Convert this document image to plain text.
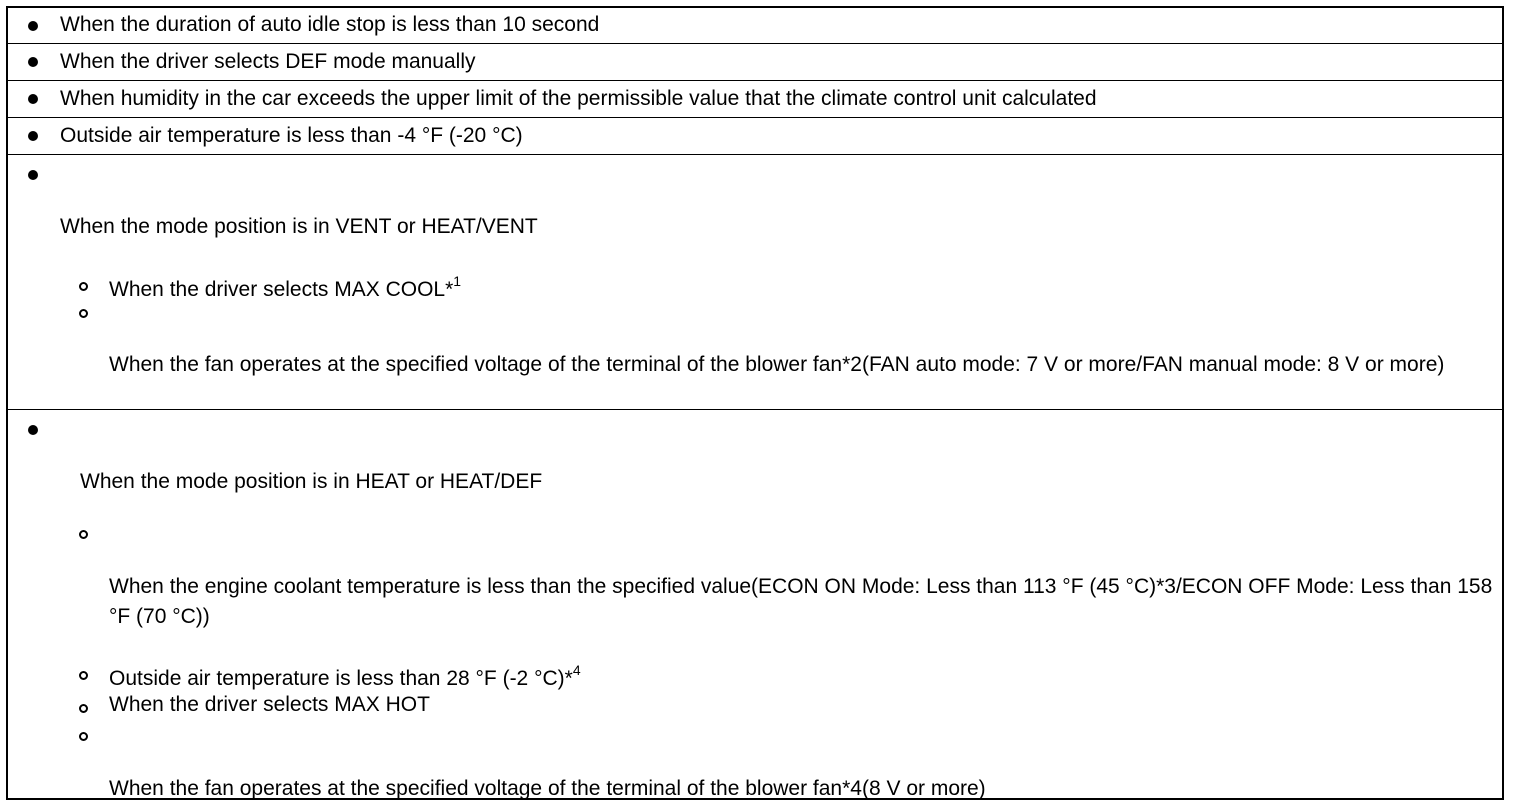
When the duration of auto idle stop is less than 10 second
When the driver selects DEF mode manually
When humidity in the car exceeds the upper limit of the permissible value that the climate control unit calculated
Outside air temperature is less than -4 °F (-20 °C)
When the mode position is in VENT or HEAT/VENT
When the driver selects MAX COOL*$^1$
When the fan operates at the specified voltage of the terminal of the blower fan*2(FAN auto mode: 7 V or more/FAN manual mode: 8 V or more)
When the mode position is in HEAT or HEAT/DEF
When the engine coolant temperature is less than the specified value(ECON ON Mode: Less than 113 °F (45 °C)*3/ECON OFF Mode: Less than 158 °F (70 °C))
Outside air temperature is less than 28 °F (-2 °C)*$^4$
When the driver selects MAX HOT
When the fan operates at the specified voltage of the terminal of the blower fan*4(8 V or more)
